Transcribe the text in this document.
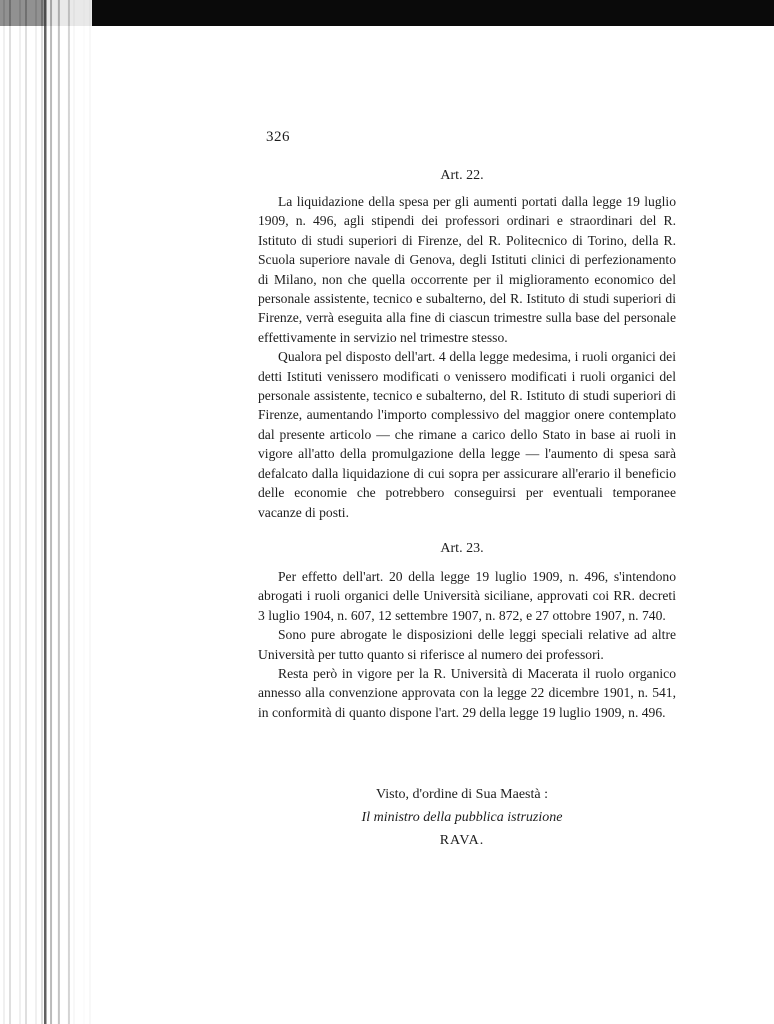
326
Art. 22.

La liquidazione della spesa per gli aumenti portati dalla legge 19 luglio 1909, n. 496, agli stipendi dei professori ordinari e straordinari del R. Istituto di studi superiori di Firenze, del R. Politecnico di Torino, della R. Scuola superiore navale di Genova, degli Istituti clinici di perfezionamento di Milano, non che quella occorrente per il miglioramento economico del personale assistente, tecnico e subalterno, del R. Istituto di studi superiori di Firenze, verrà eseguita alla fine di ciascun trimestre sulla base del personale effettivamente in servizio nel trimestre stesso.

Qualora pel disposto dell'art. 4 della legge medesima, i ruoli organici dei detti Istituti venissero modificati o venissero modificati i ruoli organici del personale assistente, tecnico e subalterno, del R. Istituto di studi superiori di Firenze, aumentando l'importo complessivo del maggior onere contemplato dal presente articolo — che rimane a carico dello Stato in base ai ruoli in vigore all'atto della promulgazione della legge — l'aumento di spesa sarà defalcato dalla liquidazione di cui sopra per assicurare all'erario il beneficio delle economie che potrebbero conseguirsi per eventuali temporanee vacanze di posti.

Art. 23.

Per effetto dell'art. 20 della legge 19 luglio 1909, n. 496, s'intendono abrogati i ruoli organici delle Università siciliane, approvati coi RR. decreti 3 luglio 1904, n. 607, 12 settembre 1907, n. 872, e 27 ottobre 1907, n. 740.

Sono pure abrogate le disposizioni delle leggi speciali relative ad altre Università per tutto quanto si riferisce al numero dei professori.

Resta però in vigore per la R. Università di Macerata il ruolo organico annesso alla convenzione approvata con la legge 22 dicembre 1901, n. 541, in conformità di quanto dispone l'art. 29 della legge 19 luglio 1909, n. 496.

Visto, d'ordine di Sua Maestà :
Il ministro della pubblica istruzione
RAVA.
